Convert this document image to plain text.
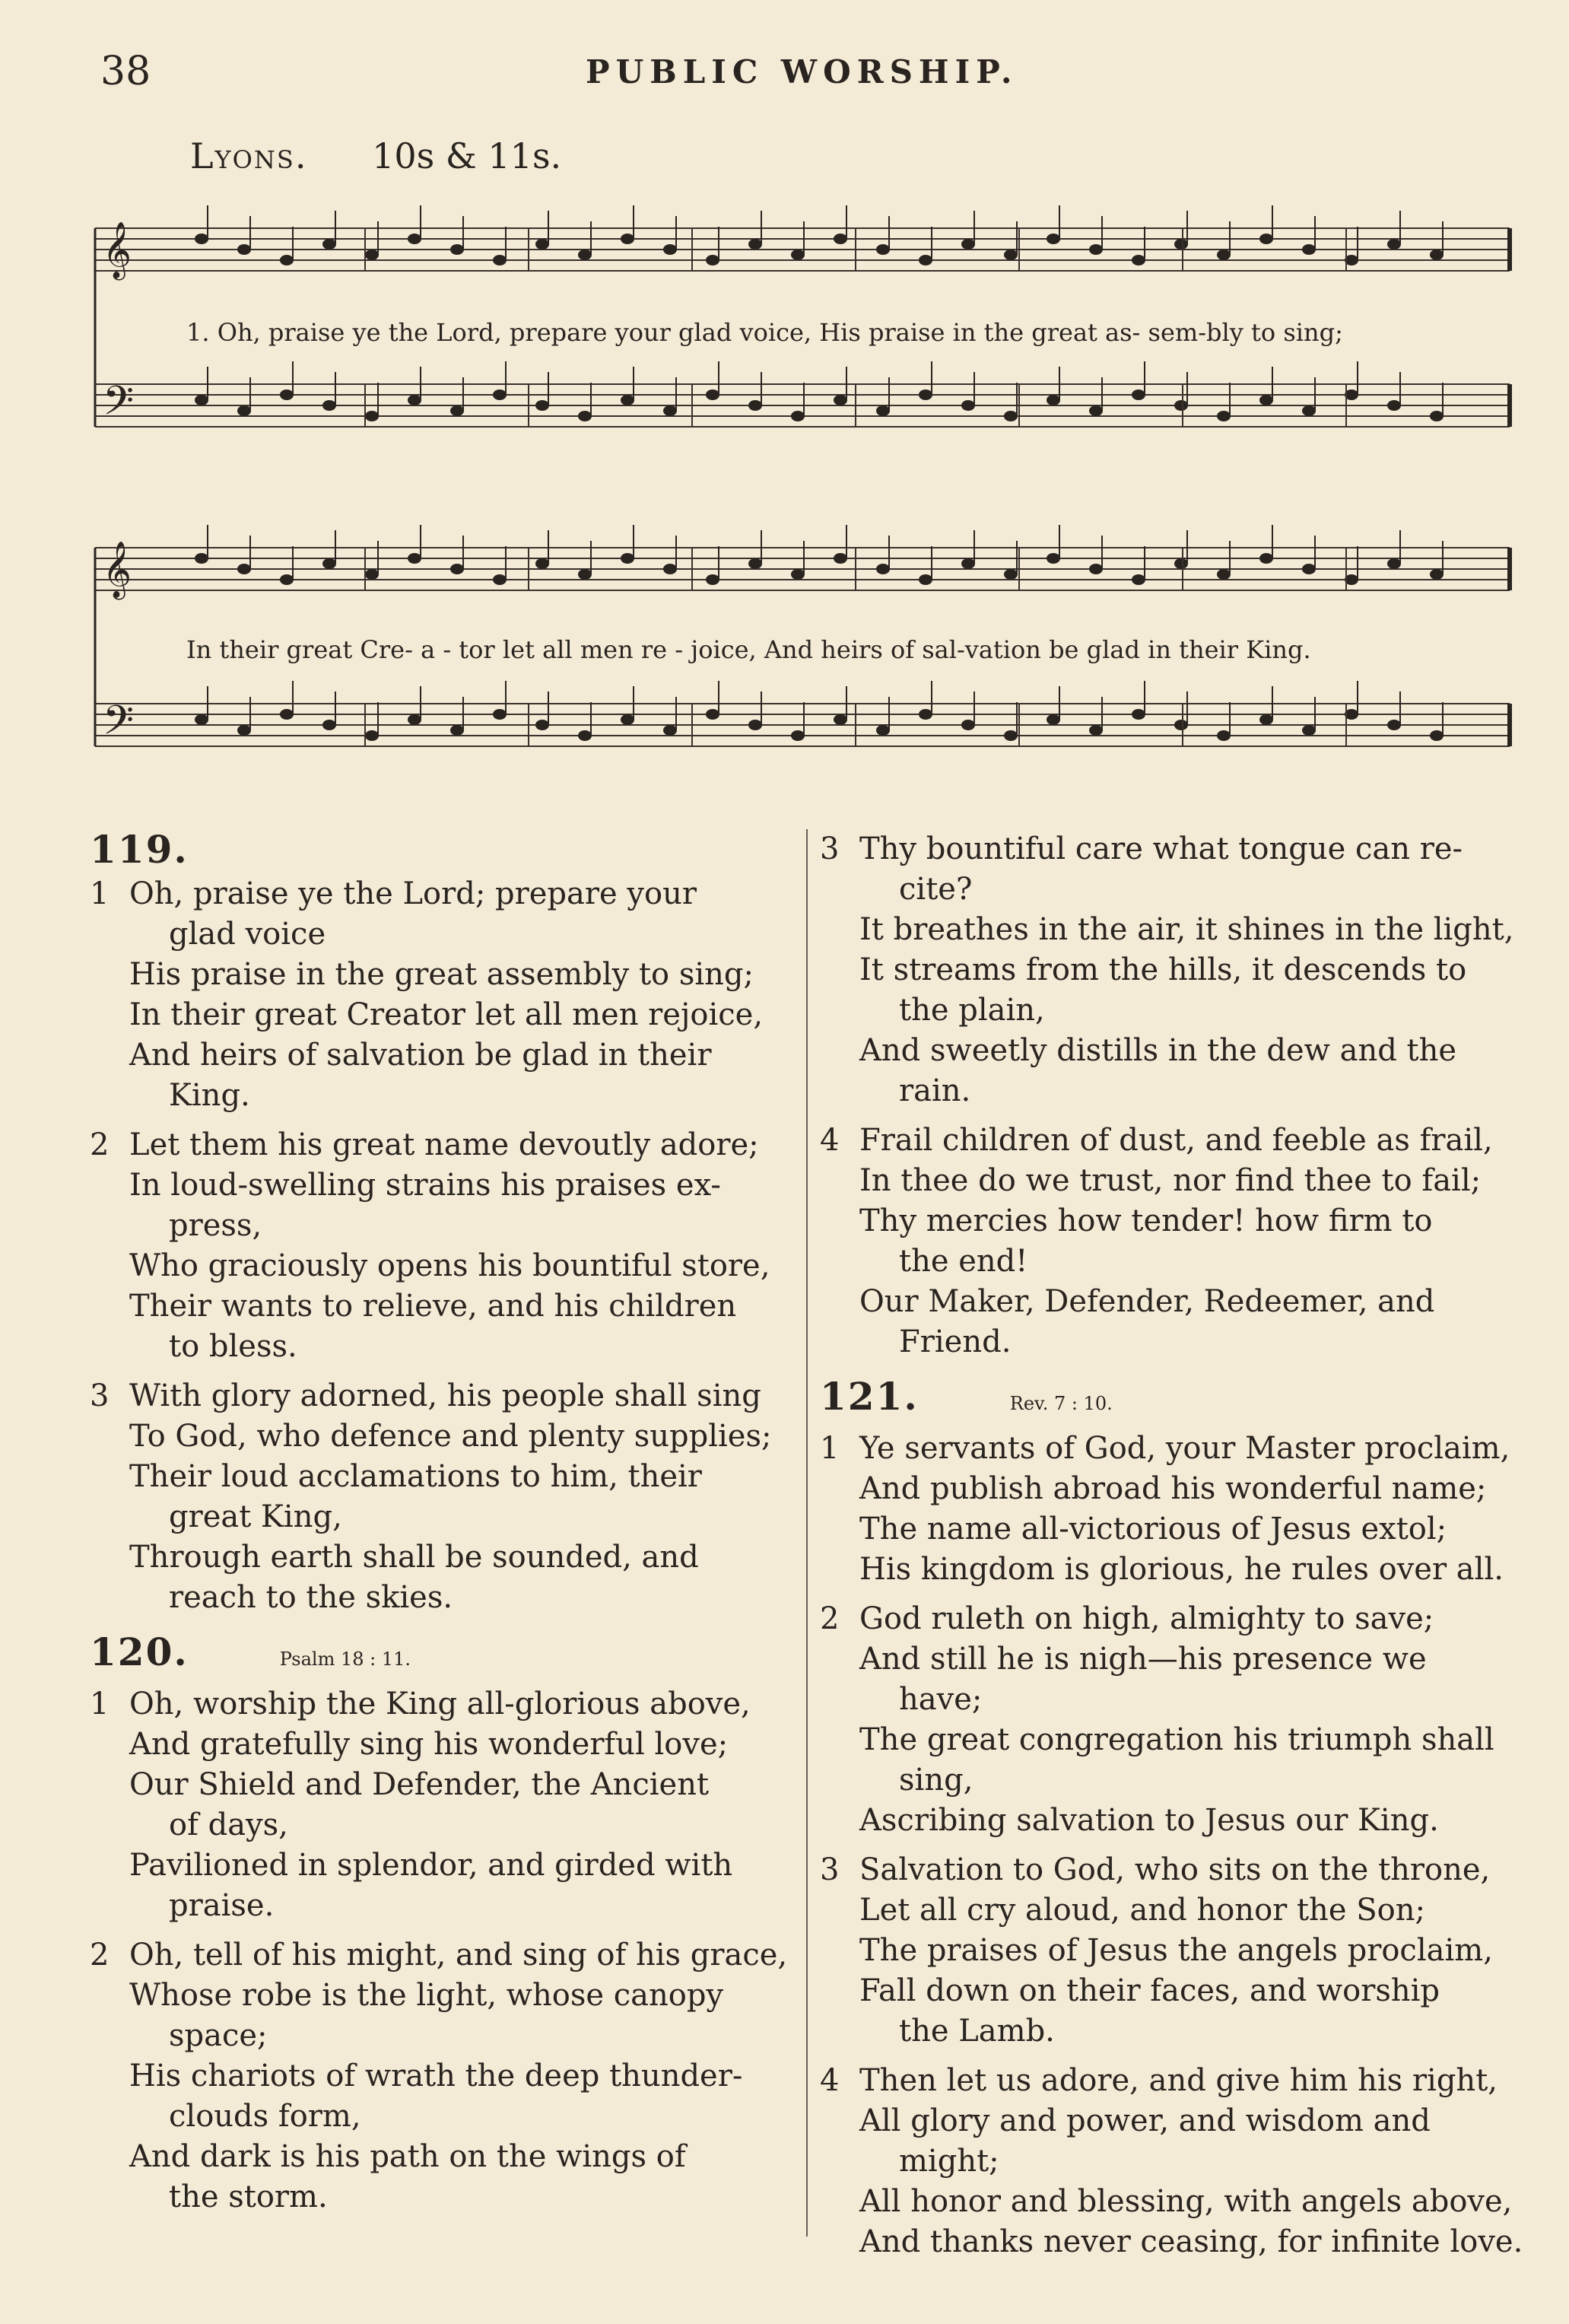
38	PUBLIC WORSHIP.
Lyons. 10s & 11s.
𝄞
𝄢
1. Oh, praise ye the Lord, prepare your glad voice, His praise in the great as- sem-bly to sing;
𝄞
𝄢
In their great Cre- a - tor let all men re - joice, And heirs of sal-vation be glad in their King.
119.
1 Oh, praise ye the Lord; prepare your
glad voice
His praise in the great assembly to sing;
In their great Creator let all men rejoice,
And heirs of salvation be glad in their
King.
2 Let them his great name devoutly adore;
In loud-swelling strains his praises ex-
press,
Who graciously opens his bountiful store,
Their wants to relieve, and his children
to bless.
3 With glory adorned, his people shall sing
To God, who defence and plenty supplies;
Their loud acclamations to him, their
great King,
Through earth shall be sounded, and
reach to the skies.
120.	Psalm 18 : 11.
1 Oh, worship the King all-glorious above,
And gratefully sing his wonderful love;
Our Shield and Defender, the Ancient
of days,
Pavilioned in splendor, and girded with
praise.
2 Oh, tell of his might, and sing of his grace,
Whose robe is the light, whose canopy
space;
His chariots of wrath the deep thunder-
clouds form,
And dark is his path on the wings of
the storm.
3 Thy bountiful care what tongue can re-
cite?
It breathes in the air, it shines in the light,
It streams from the hills, it descends to
the plain,
And sweetly distills in the dew and the
rain.
4 Frail children of dust, and feeble as frail,
In thee do we trust, nor find thee to fail;
Thy mercies how tender! how firm to
the end!
Our Maker, Defender, Redeemer, and
Friend.
121.	Rev. 7 : 10.
1 Ye servants of God, your Master proclaim,
And publish abroad his wonderful name;
The name all-victorious of Jesus extol;
His kingdom is glorious, he rules over all.
2 God ruleth on high, almighty to save;
And still he is nigh—his presence we
have;
The great congregation his triumph shall
sing,
Ascribing salvation to Jesus our King.
3 Salvation to God, who sits on the throne,
Let all cry aloud, and honor the Son;
The praises of Jesus the angels proclaim,
Fall down on their faces, and worship
the Lamb.
4 Then let us adore, and give him his right,
All glory and power, and wisdom and
might;
All honor and blessing, with angels above,
And thanks never ceasing, for infinite love.
